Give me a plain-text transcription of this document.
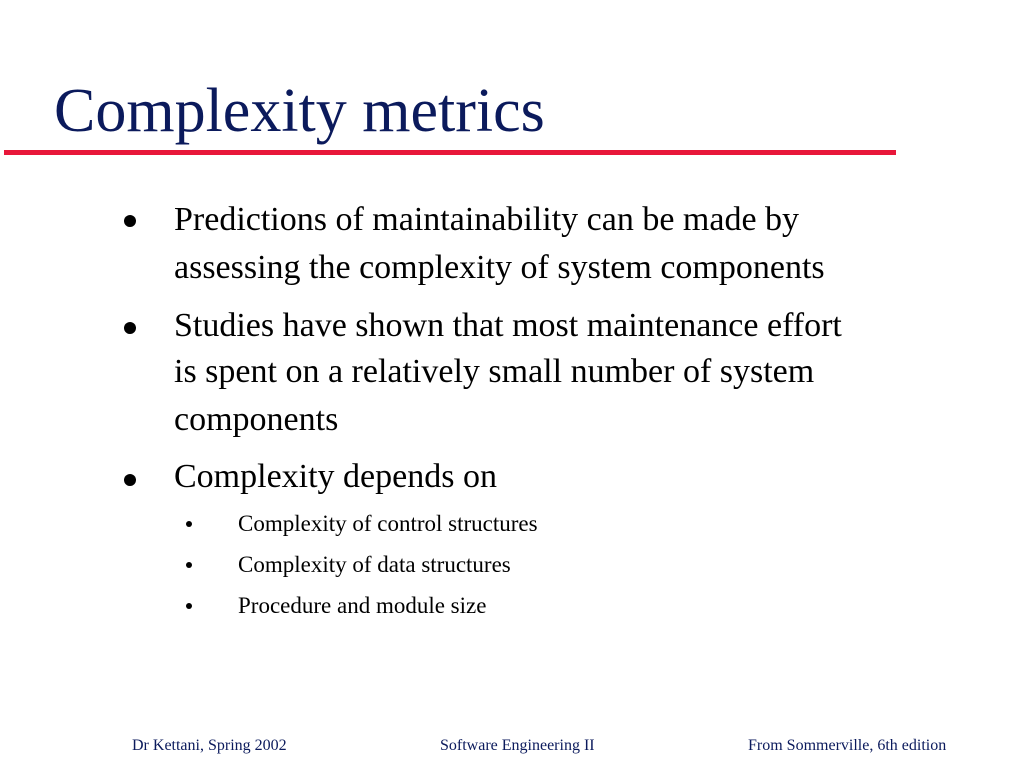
Complexity metrics
Predictions of maintainability can be made by
assessing the complexity of system components
Studies have shown that most maintenance effort
is spent on a relatively small number of system
components
Complexity depends on
Complexity of control structures
Complexity of data structures
Procedure and module size
Dr Kettani, Spring 2002	Software Engineering II	From Sommerville, 6th edition
